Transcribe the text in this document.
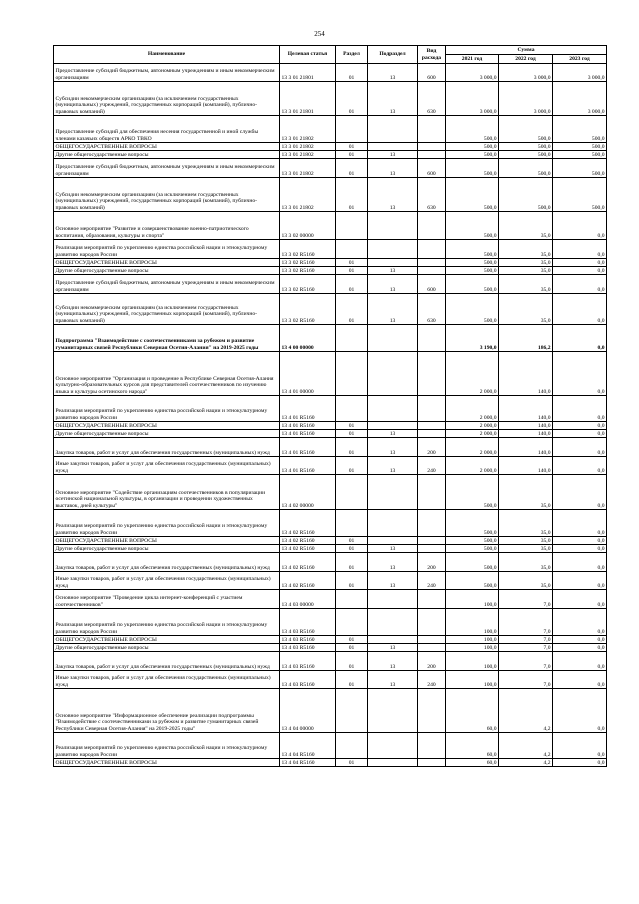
254
Наименование	Целевая статья	Раздел	Подраздел	Вид расхода	Сумма		
					2021 год	2022 год	2023 год
Предоставление субсидий бюджетным, автономным учреждениям и иным некоммерческим организациям	13 3 01 21801	01	13	600	3 000,0	3 000,0	3 000,0
Субсидии некоммерческим организациям (за исключением государственных (муниципальных) учреждений, государственных корпораций (компаний), публично-правовых компаний)	13 3 01 21801	01	13	630	3 000,0	3 000,0	3 000,0
Предоставление субсидий для обеспечения несения государственной и иной службы членами казачьих обществ АРКО ТВКО	13 3 01 21802				500,0	500,0	500,0
ОБЩЕГОСУДАРСТВЕННЫЕ ВОПРОСЫ	13 3 01 21802	01			500,0	500,0	500,0
Другие общегосударственные вопросы	13 3 01 21802	01	13		500,0	500,0	500,0
Предоставление субсидий бюджетным, автономным учреждениям и иным некоммерческим организациям	13 3 01 21802	01	13	600	500,0	500,0	500,0
Субсидии некоммерческим организациям (за исключением государственных (муниципальных) учреждений, государственных корпораций (компаний), публично-правовых компаний)	13 3 01 21802	01	13	630	500,0	500,0	500,0
Основное мероприятие "Развитие и совершенствование военно-патриотического воспитания, образования, культуры и спорта"	13 3 02 00000				500,0	35,0	0,0
Реализация мероприятий по укреплению единства российской нации и этнокультурному развитию народов России	13 3 02 R5160				500,0	35,0	0,0
ОБЩЕГОСУДАРСТВЕННЫЕ ВОПРОСЫ	13 3 02 R5160	01			500,0	35,0	0,0
Другие общегосударственные вопросы	13 3 02 R5160	01	13		500,0	35,0	0,0
Предоставление субсидий бюджетным, автономным учреждениям и иным некоммерческим организациям	13 3 02 R5160	01	13	600	500,0	35,0	0,0
Субсидии некоммерческим организациям (за исключением государственных (муниципальных) учреждений, государственных корпораций (компаний), публично-правовых компаний)	13 3 02 R5160	01	13	630	500,0	35,0	0,0
Подпрограмма "Взаимодействие с соотечественниками за рубежом и развитие гуманитарных связей Республики Северная Осетия-Алания" на 2019-2025 годы	13 4 00 00000				3 190,0	186,2	0,0
Основное мероприятие "Организация и проведение в Республике Северная Осетия-Алания культурно-образовательных курсов для представителей соотечественников по изучению языка и культуры осетинского народа"	13 4 01 00000				2 000,0	140,0	0,0
Реализация мероприятий по укреплению единства российской нации и этнокультурному развитию народов России	13 4 01 R5160				2 000,0	140,0	0,0
ОБЩЕГОСУДАРСТВЕННЫЕ ВОПРОСЫ	13 4 01 R5160	01			2 000,0	140,0	0,0
Другие общегосударственные вопросы	13 4 01 R5160	01	13		2 000,0	140,0	0,0
Закупка товаров, работ и услуг для обеспечения государственных (муниципальных) нужд	13 4 01 R5160	01	13	200	2 000,0	140,0	0,0
Иные закупки товаров, работ и услуг для обеспечения государственных (муниципальных) нужд	13 4 01 R5160	01	13	240	2 000,0	140,0	0,0
Основное мероприятие "Содействие организациям соотечественников в популяризации осетинской национальной культуры, в организации и проведении художественных выставок, дней культуры"	13 4 02 00000				500,0	35,0	0,0
Реализация мероприятий по укреплению единства российской нации и этнокультурному развитию народов России	13 4 02 R5160				500,0	35,0	0,0
ОБЩЕГОСУДАРСТВЕННЫЕ ВОПРОСЫ	13 4 02 R5160	01			500,0	35,0	0,0
Другие общегосударственные вопросы	13 4 02 R5160	01	13		500,0	35,0	0,0
Закупка товаров, работ и услуг для обеспечения государственных (муниципальных) нужд	13 4 02 R5160	01	13	200	500,0	35,0	0,0
Иные закупки товаров, работ и услуг для обеспечения государственных (муниципальных) нужд	13 4 02 R5160	01	13	240	500,0	35,0	0,0
Основное мероприятие "Проведение цикла интернет-конференций с участием соотечественников"	13 4 03 00000				100,0	7,0	0,0
Реализация мероприятий по укреплению единства российской нации и этнокультурному развитию народов России	13 4 03 R5160				100,0	7,0	0,0
ОБЩЕГОСУДАРСТВЕННЫЕ ВОПРОСЫ	13 4 03 R5160	01			100,0	7,0	0,0
Другие общегосударственные вопросы	13 4 03 R5160	01	13		100,0	7,0	0,0
Закупка товаров, работ и услуг для обеспечения государственных (муниципальных) нужд	13 4 03 R5160	01	13	200	100,0	7,0	0,0
Иные закупки товаров, работ и услуг для обеспечения государственных (муниципальных) нужд	13 4 03 R5160	01	13	240	100,0	7,0	0,0
Основное мероприятие "Информационное обеспечение реализации подпрограммы "Взаимодействие с соотечественниками за рубежом и развитие гуманитарных связей Республики Северная Осетия-Алания" на 2019-2025 годы"	13 4 04 00000				60,0	4,2	0,0
Реализация мероприятий по укреплению единства российской нации и этнокультурному развитию народов России	13 4 04 R5160				60,0	4,2	0,0
ОБЩЕГОСУДАРСТВЕННЫЕ ВОПРОСЫ	13 4 04 R5160	01			60,0	4,2	0,0
